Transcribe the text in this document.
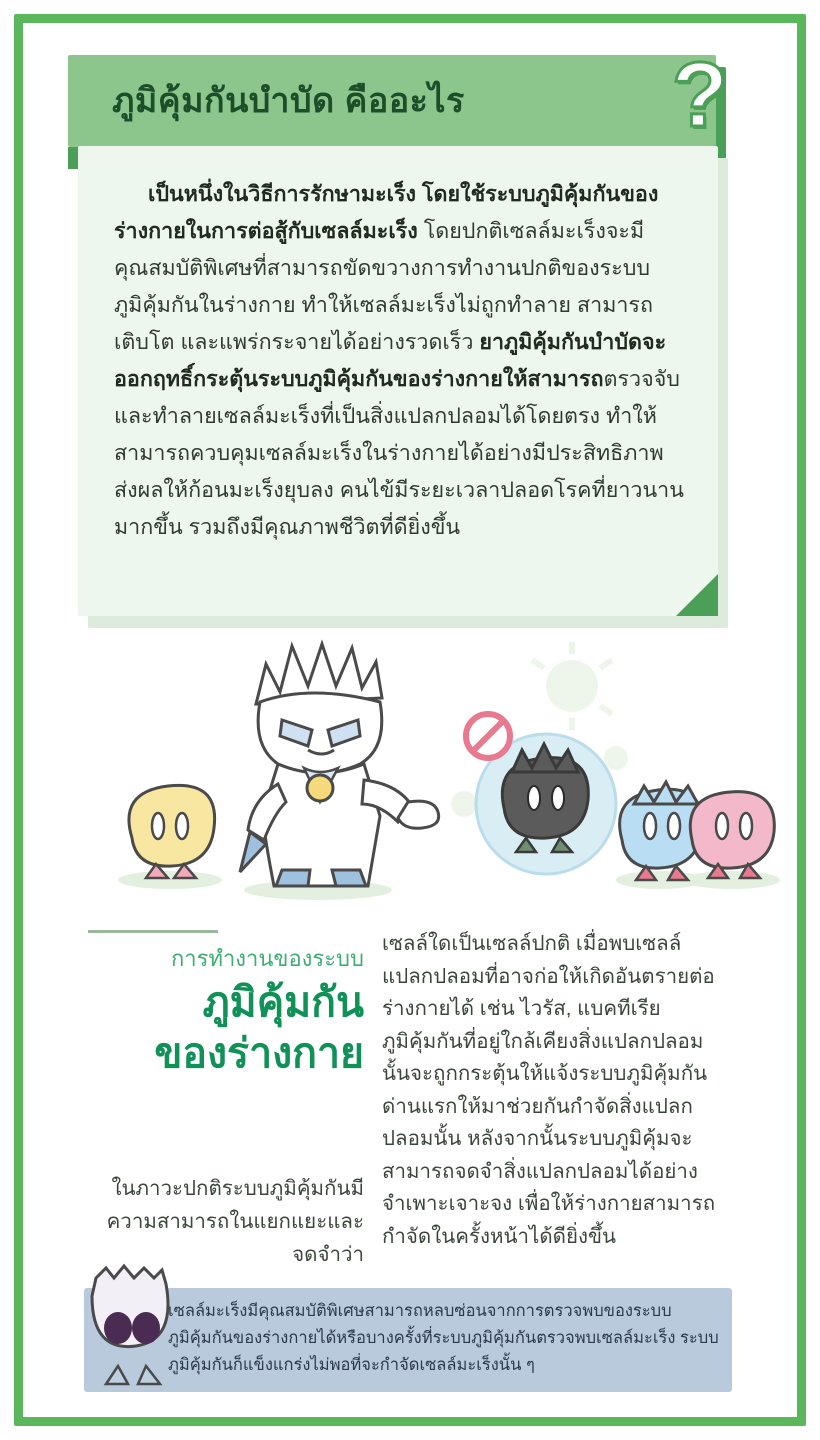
ภูมิคุ้มกันบำบัด คืออะไร	?
เป็นหนึ่งในวิธีการรักษามะเร็ง โดยใช้ระบบภูมิคุ้มกันของร่างกายในการต่อสู้กับเซลล์มะเร็ง โดยปกติเซลล์มะเร็งจะมีคุณสมบัติพิเศษที่สามารถขัดขวางการทำงานปกติของระบบภูมิคุ้มกันในร่างกาย ทำให้เซลล์มะเร็งไม่ถูกทำลาย สามารถเติบโต และแพร่กระจายได้อย่างรวดเร็ว ยาภูมิคุ้มกันบำบัดจะออกฤทธิ์กระตุ้นระบบภูมิคุ้มกันของร่างกายให้สามารถตรวจจับ และทำลายเซลล์มะเร็งที่เป็นสิ่งแปลกปลอมได้โดยตรง ทำให้สามารถควบคุมเซลล์มะเร็งในร่างกายได้อย่างมีประสิทธิภาพ ส่งผลให้ก้อนมะเร็งยุบลง คนไข้มีระยะเวลาปลอดโรคที่ยาวนานมากขึ้น รวมถึงมีคุณภาพชีวิตที่ดียิ่งขึ้น
การทำงานของระบบ
ภูมิคุ้มกัน
ของร่างกาย
ในภาวะปกติระบบภูมิคุ้มกันมีความสามารถในแยกแยะและจดจำว่า
เซลล์ใดเป็นเซลล์ปกติ เมื่อพบเซลล์แปลกปลอมที่อาจก่อให้เกิดอันตรายต่อร่างกายได้ เช่น ไวรัส, แบคทีเรีย ภูมิคุ้มกันที่อยู่ใกล้เคียงสิ่งแปลกปลอมนั้นจะถูกกระตุ้นให้แจ้งระบบภูมิคุ้มกันด่านแรกให้มาช่วยกันกำจัดสิ่งแปลกปลอมนั้น หลังจากนั้นระบบภูมิคุ้มจะสามารถจดจำสิ่งแปลกปลอมได้อย่างจำเพาะเจาะจง เพื่อให้ร่างกายสามารถกำจัดในครั้งหน้าได้ดียิ่งขึ้น
เซลล์มะเร็งมีคุณสมบัติพิเศษสามารถหลบซ่อนจากการตรวจพบของระบบภูมิคุ้มกันของร่างกายได้หรือบางครั้งที่ระบบภูมิคุ้มกันตรวจพบเซลล์มะเร็ง ระบบภูมิคุ้มกันก็แข็งแกร่งไม่พอที่จะกำจัดเซลล์มะเร็งนั้น ๆ
